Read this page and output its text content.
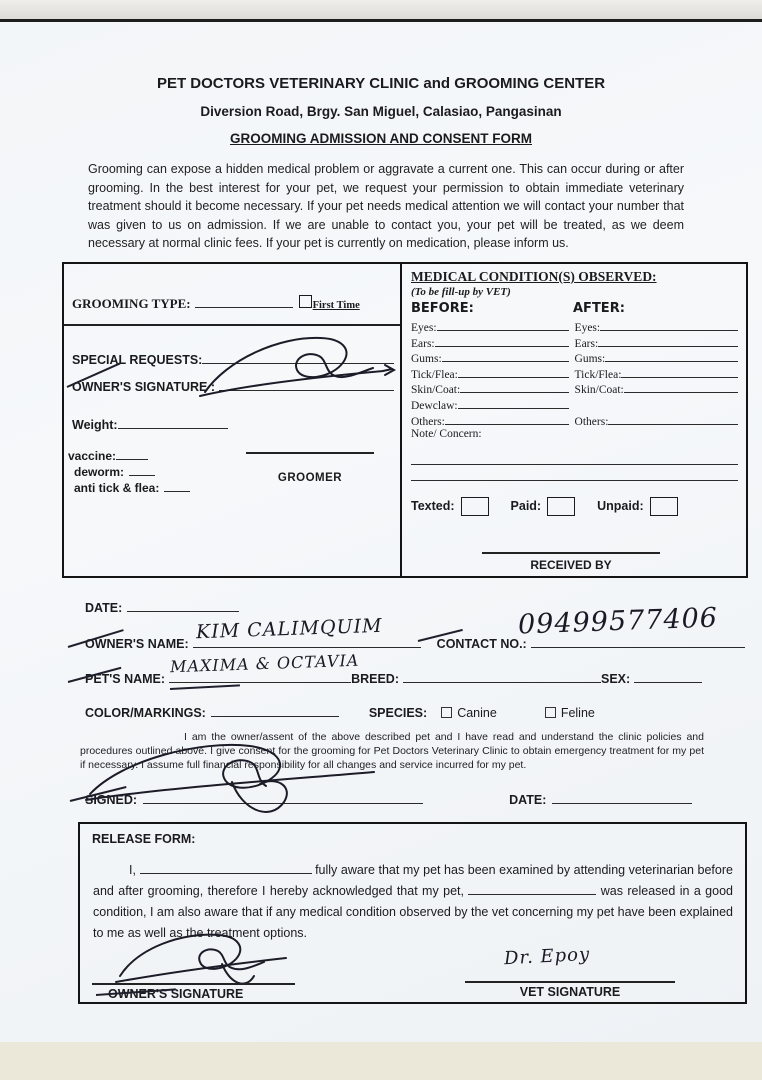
PET DOCTORS VETERINARY CLINIC and GROOMING CENTER
Diversion Road, Brgy. San Miguel, Calasiao, Pangasinan
GROOMING ADMISSION AND CONSENT FORM
Grooming can expose a hidden medical problem or aggravate a current one. This can occur during or after grooming. In the best interest for your pet, we request your permission to obtain immediate veterinary treatment should it become necessary. If your pet needs medical attention we will contact your number that was given to us on admission. If we are unable to contact you, your pet will be treated, as we deem necessary at normal clinic fees. If your pet is currently on medication, please inform us.
GROOMING TYPE:	First Time
SPECIAL REQUESTS:
OWNER'S SIGNATURE :
Weight:
vaccine:
deworm:
anti tick & flea:
GROOMER
MEDICAL CONDITION(S) OBSERVED:
(To be fill-up by VET)
BEFORE:	AFTER:
Eyes:	Eyes:
Ears:	Ears:
Gums:	Gums:
Tick/Flea:	Tick/Flea:
Skin/Coat:	Skin/Coat:
Dewclaw:
Others:	Others:
Note/ Concern:
Texted:	Paid:	Unpaid:
RECEIVED BY
DATE:
OWNER'S NAME:	CONTACT NO.:
KIM CALIMQUIM	09499577406
PET'S NAME:	BREED:	SEX:
MAXIMA & OCTAVIA
COLOR/MARKINGS:	SPECIES:	Canine	Feline
I am the owner/assent of the above described pet and I have read and understand the clinic policies and procedures outlined above. I give consent for the grooming for Pet Doctors Veterinary Clinic to obtain emergency treatment for my pet if necessary. I assume full financial responsibility for all changes and service incurred for my pet.
SIGNED:	DATE:
RELEASE FORM:
I,	fully aware that my pet has been examined by attending veterinarian before and after grooming, therefore I hereby acknowledged that my pet,	was released in a good condition, I am also aware that if any medical condition observed by the vet concerning my pet have been explained to me as well as the treatment options.
OWNER'S SIGNATURE
Dr. Epoy
VET SIGNATURE
